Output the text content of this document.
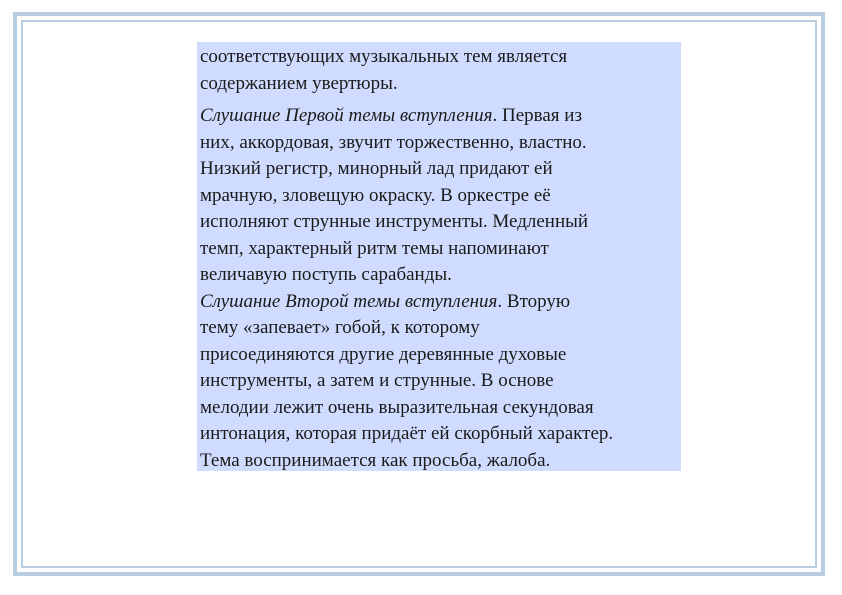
соответствующих музыкальных тем является
содержанием увертюры.

Слушание Первой темы вступления. Первая из
них, аккордовая, звучит торжественно, властно.
Низкий регистр, минорный лад придают ей
мрачную, зловещую окраску. В оркестре её
исполняют струнные инструменты. Медленный
темп, характерный ритм темы напоминают
величавую поступь сарабанды.

Слушание Второй темы вступления. Вторую
тему «запевает» гобой, к которому
присоединяются другие деревянные духовые
инструменты, а затем и струнные. В основе
мелодии лежит очень выразительная секундовая
интонация, которая придаёт ей скорбный характер.
Тема воспринимается как просьба, жалоба.
